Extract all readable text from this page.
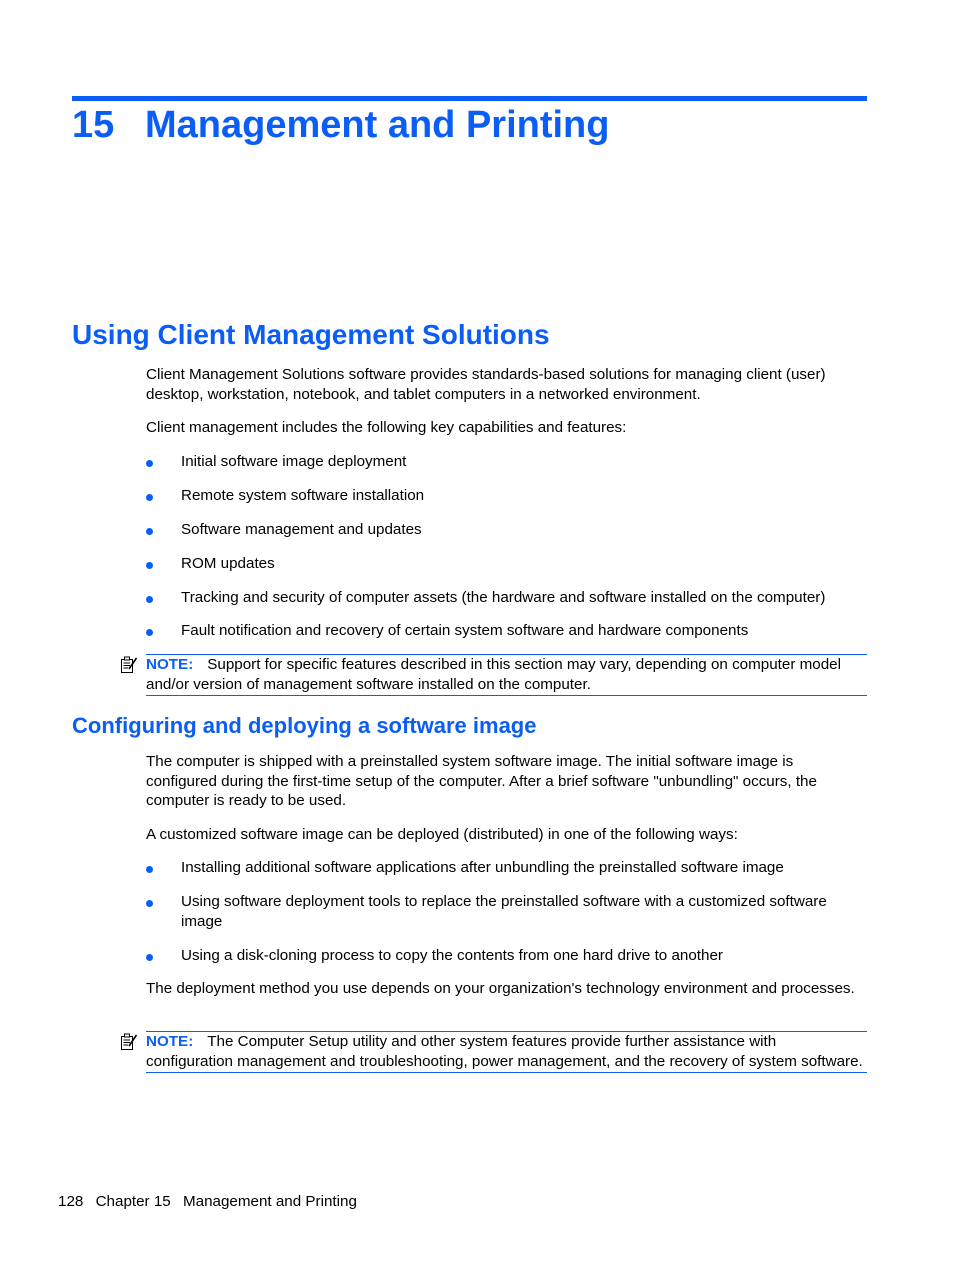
15 Management and Printing
Using Client Management Solutions

Client Management Solutions software provides standards-based solutions for managing client (user) desktop, workstation, notebook, and tablet computers in a networked environment.

Client management includes the following key capabilities and features:

Initial software image deployment
Remote system software installation
Software management and updates
ROM updates
Tracking and security of computer assets (the hardware and software installed on the computer)
Fault notification and recovery of certain system software and hardware components
NOTE: Support for specific features described in this section may vary, depending on computer model and/or version of management software installed on the computer.
Configuring and deploying a software image

The computer is shipped with a preinstalled system software image. The initial software image is configured during the first-time setup of the computer. After a brief software "unbundling" occurs, the computer is ready to be used.

A customized software image can be deployed (distributed) in one of the following ways:

Installing additional software applications after unbundling the preinstalled software image
Using software deployment tools to replace the preinstalled software with a customized software image
Using a disk-cloning process to copy the contents from one hard drive to another

The deployment method you use depends on your organization's technology environment and processes.

NOTE: The Computer Setup utility and other system features provide further assistance with configuration management and troubleshooting, power management, and the recovery of system software.
128 Chapter 15 Management and Printing
